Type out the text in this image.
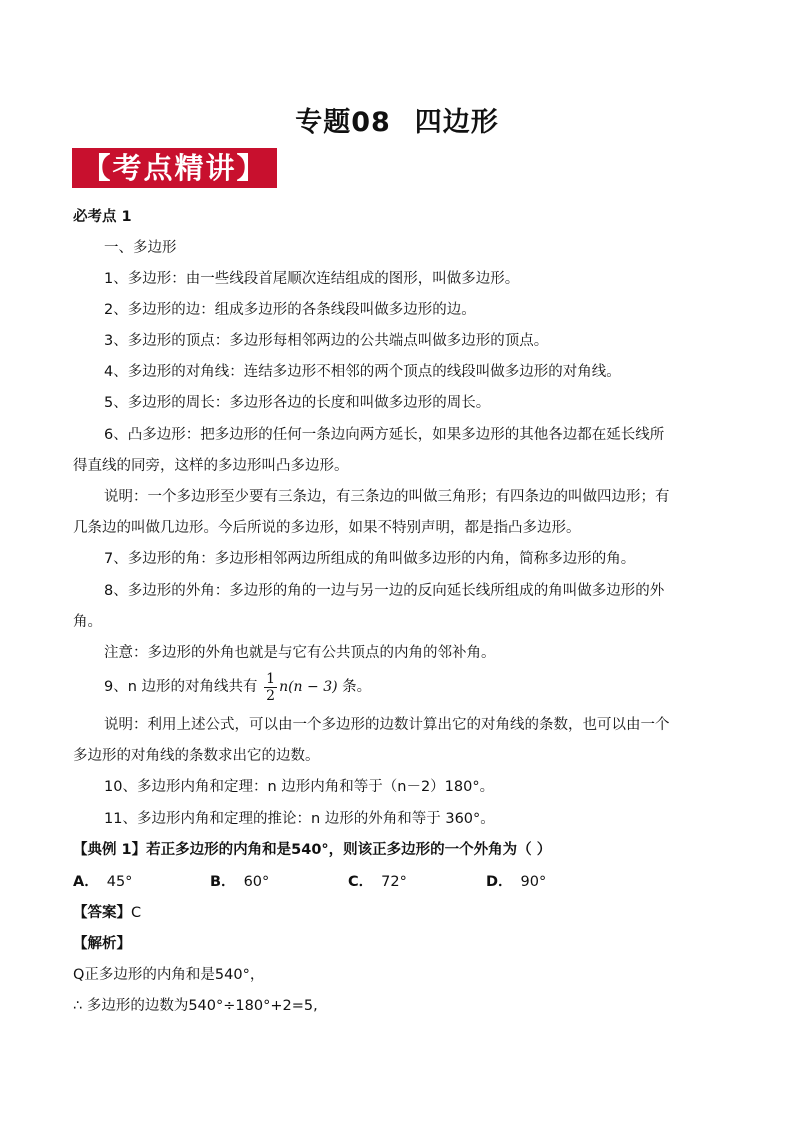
专题08 四边形
【考点精讲】
必考点 1
一、多边形
1、多边形：由一些线段首尾顺次连结组成的图形，叫做多边形。
2、多边形的边：组成多边形的各条线段叫做多边形的边。
3、多边形的顶点：多边形每相邻两边的公共端点叫做多边形的顶点。
4、多边形的对角线：连结多边形不相邻的两个顶点的线段叫做多边形的对角线。
5、多边形的周长：多边形各边的长度和叫做多边形的周长。
6、凸多边形：把多边形的任何一条边向两方延长，如果多边形的其他各边都在延长线所
得直线的同旁，这样的多边形叫凸多边形。
说明：一个多边形至少要有三条边，有三条边的叫做三角形；有四条边的叫做四边形；有
几条边的叫做几边形。今后所说的多边形，如果不特别声明，都是指凸多边形。
7、多边形的角：多边形相邻两边所组成的角叫做多边形的内角，简称多边形的角。
8、多边形的外角：多边形的角的一边与另一边的反向延长线所组成的角叫做多边形的外
角。
注意：多边形的外角也就是与它有公共顶点的内角的邻补角。
9、n 边形的对角线共有 $\frac{1}{2} n(n - 3)$ 条。
说明：利用上述公式，可以由一个多边形的边数计算出它的对角线的条数，也可以由一个
多边形的对角线的条数求出它的边数。
10、多边形内角和定理：n 边形内角和等于（n－2）180°。
11、多边形内角和定理的推论：n 边形的外角和等于 360°。
【典例 1】若正多边形的内角和是540°，则该正多边形的一个外角为（ ）
A． 45°	B． 60°	C． 72°	D． 90°
【答案】C
【解析】
Q正多边形的内角和是540°，
∴ 多边形的边数为540°÷180°+2=5,
